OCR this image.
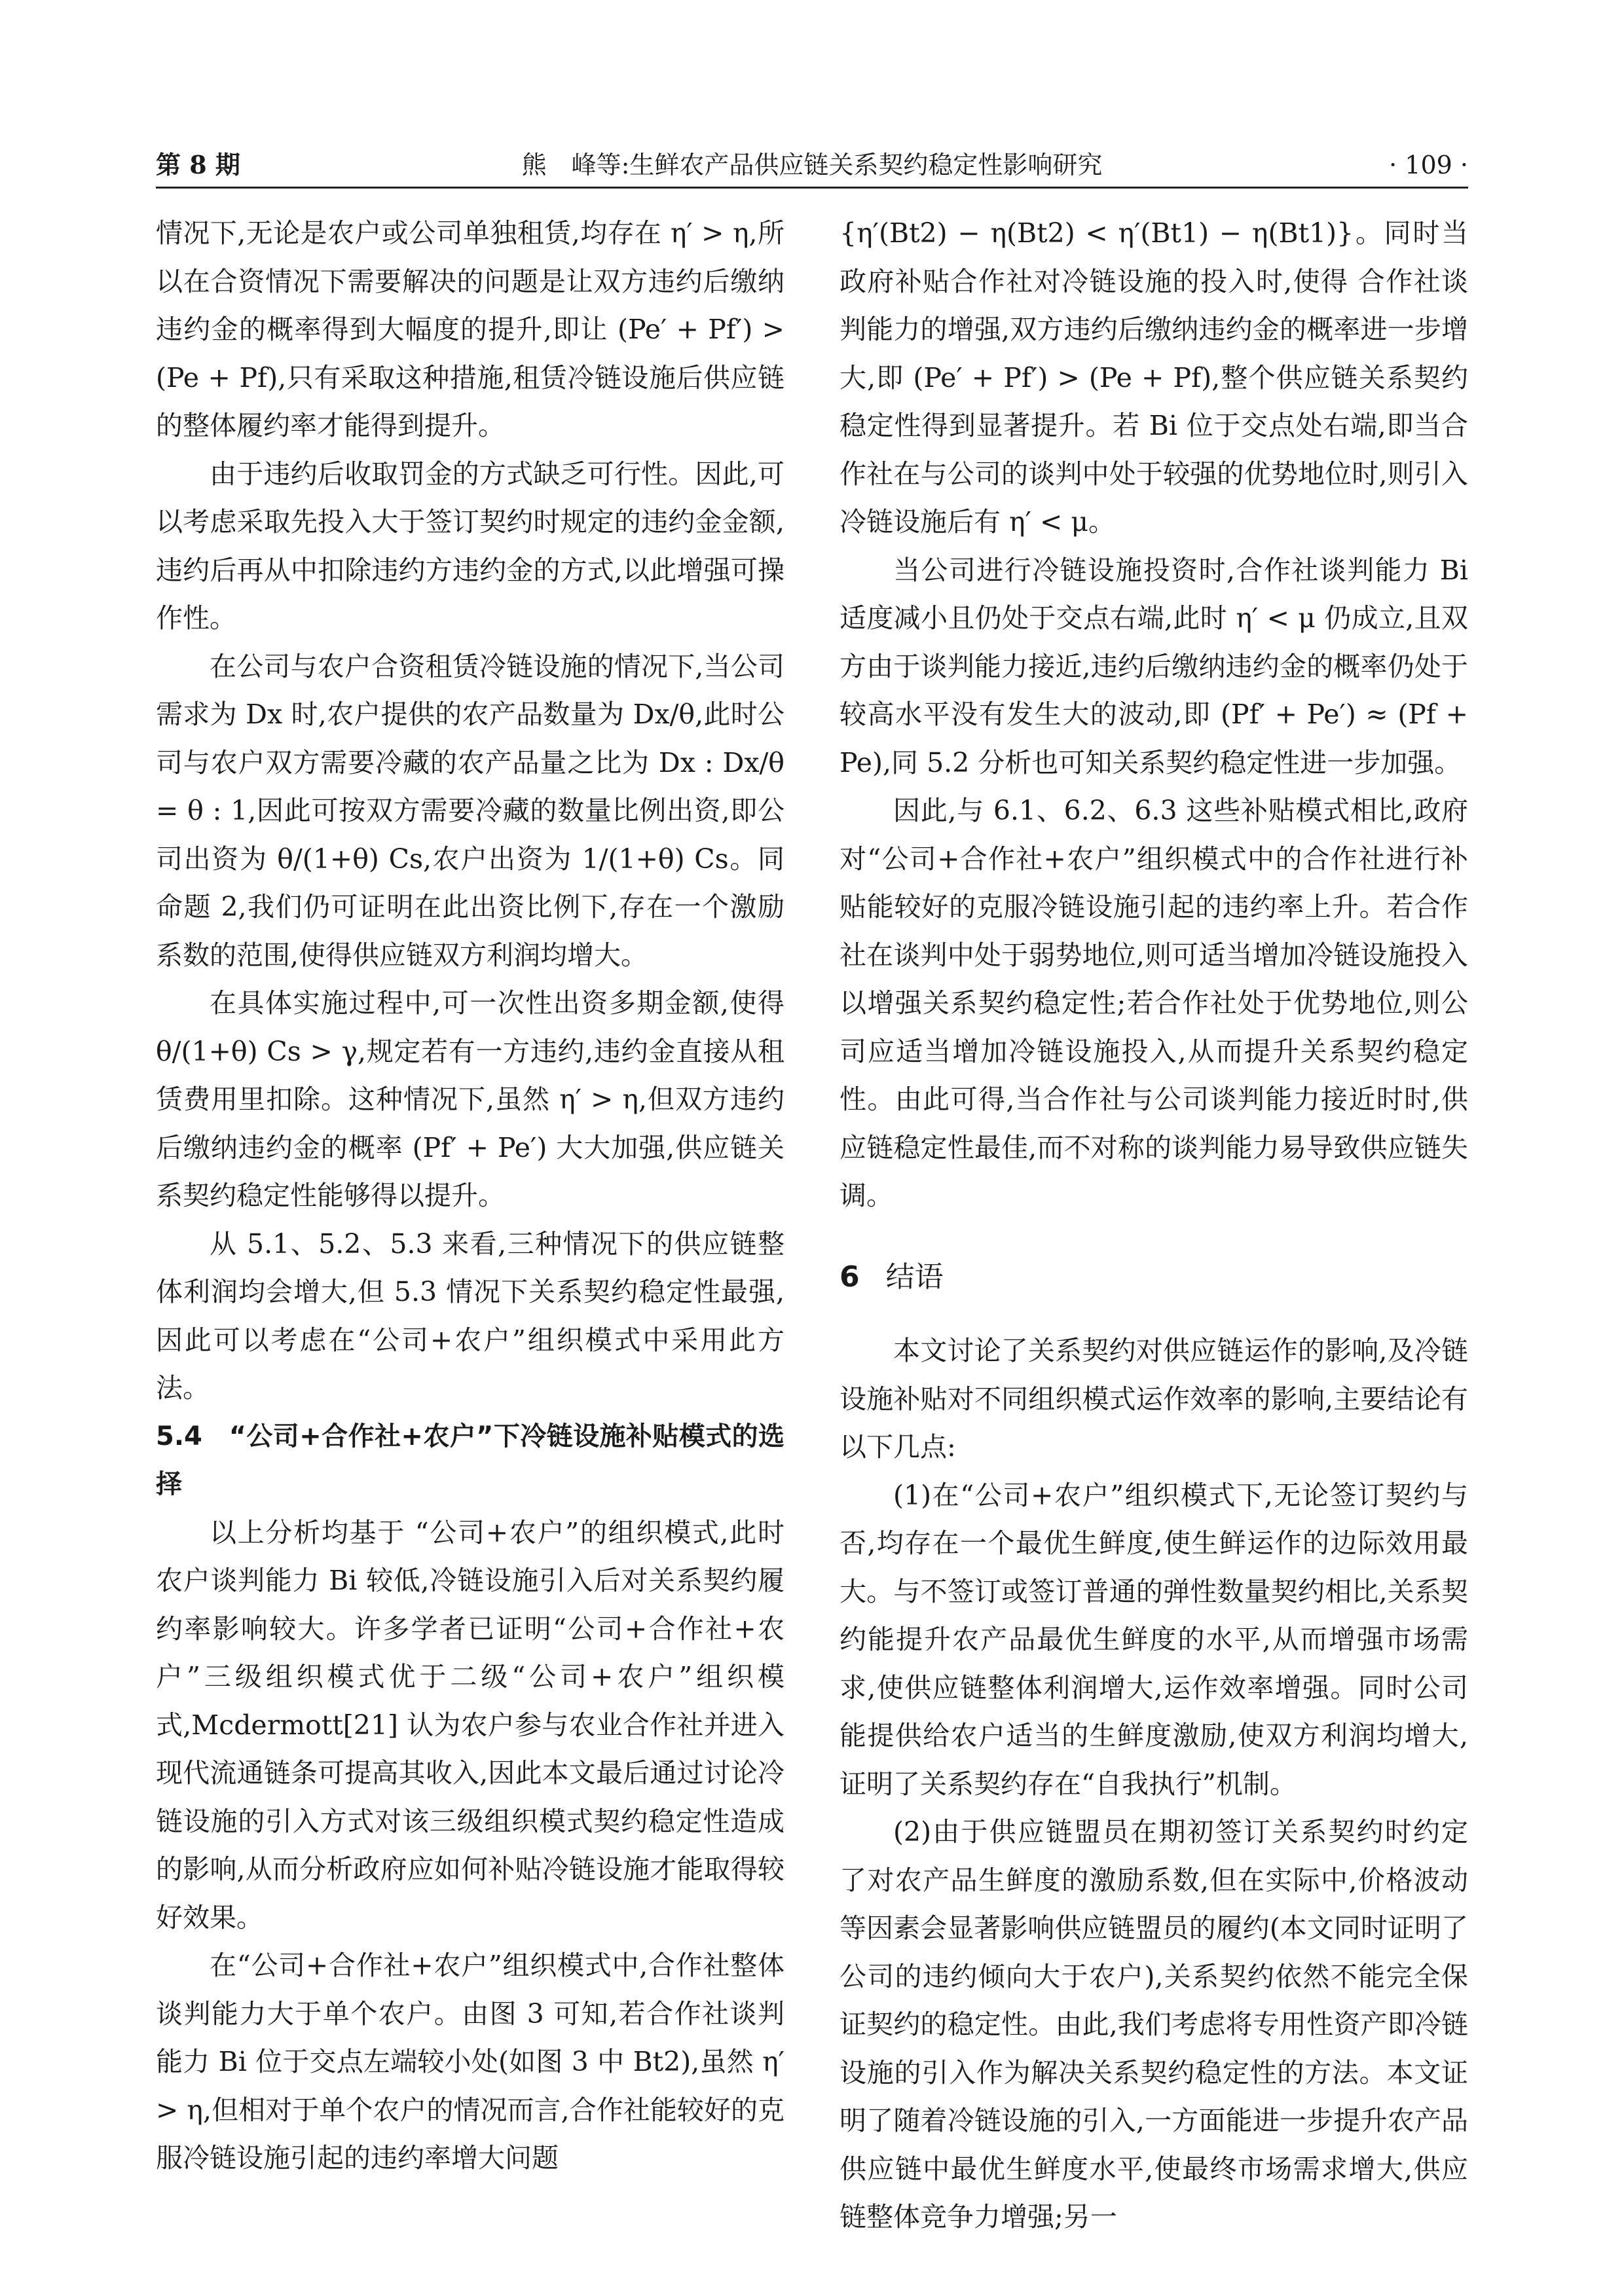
第 8 期	熊　峰等:生鲜农产品供应链关系契约稳定性影响研究	· 109 ·

情况下,无论是农户或公司单独租赁,均存在 η′ > η,所以在合资情况下需要解决的问题是让双方违约后缴纳违约金的概率得到大幅度的提升,即让 (Pe′ + Pf′) > (Pe + Pf),只有采取这种措施,租赁冷链设施后供应链的整体履约率才能得到提升。

由于违约后收取罚金的方式缺乏可行性。因此,可以考虑采取先投入大于签订契约时规定的违约金金额,违约后再从中扣除违约方违约金的方式,以此增强可操作性。

在公司与农户合资租赁冷链设施的情况下,当公司需求为 Dx 时,农户提供的农产品数量为 Dx/θ,此时公司与农户双方需要冷藏的农产品量之比为 Dx : Dx/θ = θ : 1,因此可按双方需要冷藏的数量比例出资,即公司出资为 θ/(1+θ) Cs,农户出资为 1/(1+θ) Cs。同命题 2,我们仍可证明在此出资比例下,存在一个激励系数的范围,使得供应链双方利润均增大。

在具体实施过程中,可一次性出资多期金额,使得 θ/(1+θ) Cs > γ,规定若有一方违约,违约金直接从租赁费用里扣除。这种情况下,虽然 η′ > η,但双方违约后缴纳违约金的概率 (Pf′ + Pe′) 大大加强,供应链关系契约稳定性能够得以提升。

从 5.1、5.2、5.3 来看,三种情况下的供应链整体利润均会增大,但 5.3 情况下关系契约稳定性最强,因此可以考虑在“公司+农户”组织模式中采用此方法。

5.4　“公司+合作社+农户”下冷链设施补贴模式的选择

以上分析均基于 “公司+农户”的组织模式,此时农户谈判能力 Bi 较低,冷链设施引入后对关系契约履约率影响较大。许多学者已证明“公司+合作社+农户”三级组织模式优于二级“公司+农户”组织模式,Mcdermott[21] 认为农户参与农业合作社并进入现代流通链条可提高其收入,因此本文最后通过讨论冷链设施的引入方式对该三级组织模式契约稳定性造成的影响,从而分析政府应如何补贴冷链设施才能取得较好效果。

在“公司+合作社+农户”组织模式中,合作社整体谈判能力大于单个农户。由图 3 可知,若合作社谈判能力 Bi 位于交点左端较小处(如图 3 中 Bt2),虽然 η′ > η,但相对于单个农户的情况而言,合作社能较好的克服冷链设施引起的违约率增大问题

{η′(Bt2) − η(Bt2) < η′(Bt1) − η(Bt1)}。同时当政府补贴合作社对冷链设施的投入时,使得 合作社谈判能力的增强,双方违约后缴纳违约金的概率进一步增大,即 (Pe′ + Pf′) > (Pe + Pf),整个供应链关系契约稳定性得到显著提升。若 Bi 位于交点处右端,即当合作社在与公司的谈判中处于较强的优势地位时,则引入冷链设施后有 η′ < μ。

当公司进行冷链设施投资时,合作社谈判能力 Bi 适度减小且仍处于交点右端,此时 η′ < μ 仍成立,且双方由于谈判能力接近,违约后缴纳违约金的概率仍处于较高水平没有发生大的波动,即 (Pf′ + Pe′) ≈ (Pf + Pe),同 5.2 分析也可知关系契约稳定性进一步加强。

因此,与 6.1、6.2、6.3 这些补贴模式相比,政府对“公司+合作社+农户”组织模式中的合作社进行补贴能较好的克服冷链设施引起的违约率上升。若合作社在谈判中处于弱势地位,则可适当增加冷链设施投入以增强关系契约稳定性;若合作社处于优势地位,则公司应适当增加冷链设施投入,从而提升关系契约稳定性。由此可得,当合作社与公司谈判能力接近时时,供应链稳定性最佳,而不对称的谈判能力易导致供应链失调。

6 结语

本文讨论了关系契约对供应链运作的影响,及冷链设施补贴对不同组织模式运作效率的影响,主要结论有以下几点:

(1)在“公司+农户”组织模式下,无论签订契约与否,均存在一个最优生鲜度,使生鲜运作的边际效用最大。与不签订或签订普通的弹性数量契约相比,关系契约能提升农产品最优生鲜度的水平,从而增强市场需求,使供应链整体利润增大,运作效率增强。同时公司能提供给农户适当的生鲜度激励,使双方利润均增大,证明了关系契约存在“自我执行”机制。

(2)由于供应链盟员在期初签订关系契约时约定了对农产品生鲜度的激励系数,但在实际中,价格波动等因素会显著影响供应链盟员的履约(本文同时证明了公司的违约倾向大于农户),关系契约依然不能完全保证契约的稳定性。由此,我们考虑将专用性资产即冷链设施的引入作为解决关系契约稳定性的方法。本文证明了随着冷链设施的引入,一方面能进一步提升农产品供应链中最优生鲜度水平,使最终市场需求增大,供应链整体竞争力增强;另一
